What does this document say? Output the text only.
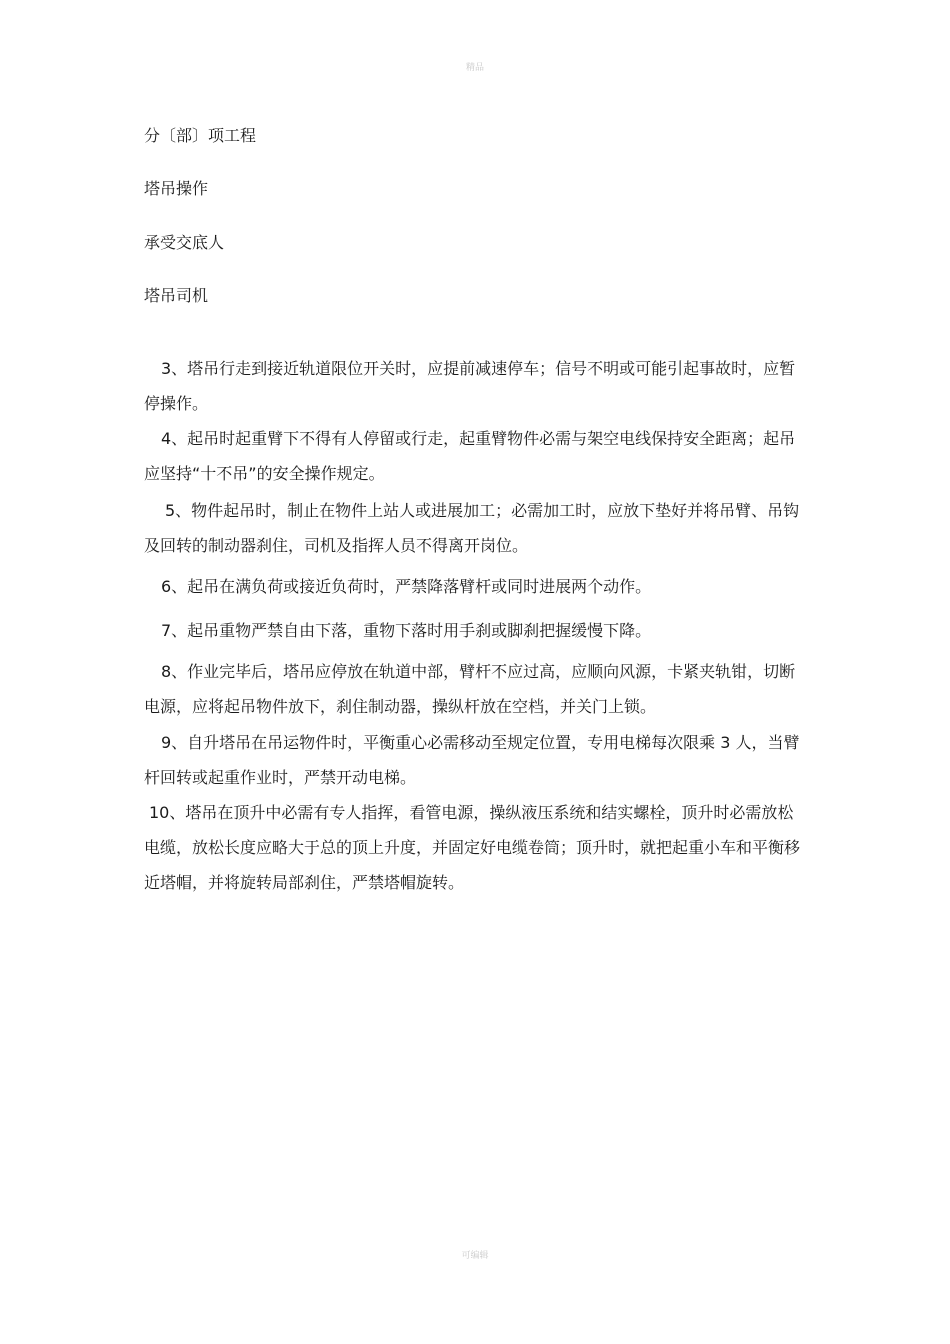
精品
分〔部〕项工程
塔吊操作
承受交底人
塔吊司机

3、塔吊行走到接近轨道限位开关时，应提前减速停车；信号不明或可能引起事故时，应暂停操作。

4、起吊时起重臂下不得有人停留或行走，起重臂物件必需与架空电线保持安全距离；起吊应坚持“十不吊”的安全操作规定。

5、物件起吊时，制止在物件上站人或进展加工；必需加工时，应放下垫好并将吊臂、吊钩及回转的制动器刹住，司机及指挥人员不得离开岗位。

6、起吊在满负荷或接近负荷时，严禁降落臂杆或同时进展两个动作。

7、起吊重物严禁自由下落，重物下落时用手刹或脚刹把握缓慢下降。

8、作业完毕后，塔吊应停放在轨道中部，臂杆不应过高，应顺向风源，卡紧夹轨钳，切断电源，应将起吊物件放下，刹住制动器，操纵杆放在空档，并关门上锁。

9、自升塔吊在吊运物件时，平衡重心必需移动至规定位置，专用电梯每次限乘 3 人，当臂杆回转或起重作业时，严禁开动电梯。

10、塔吊在顶升中必需有专人指挥，看管电源，操纵液压系统和结实螺栓，顶升时必需放松电缆，放松长度应略大于总的顶上升度，并固定好电缆卷筒；顶升时，就把起重小车和平衡移近塔帽，并将旋转局部刹住，严禁塔帽旋转。

可编辑
